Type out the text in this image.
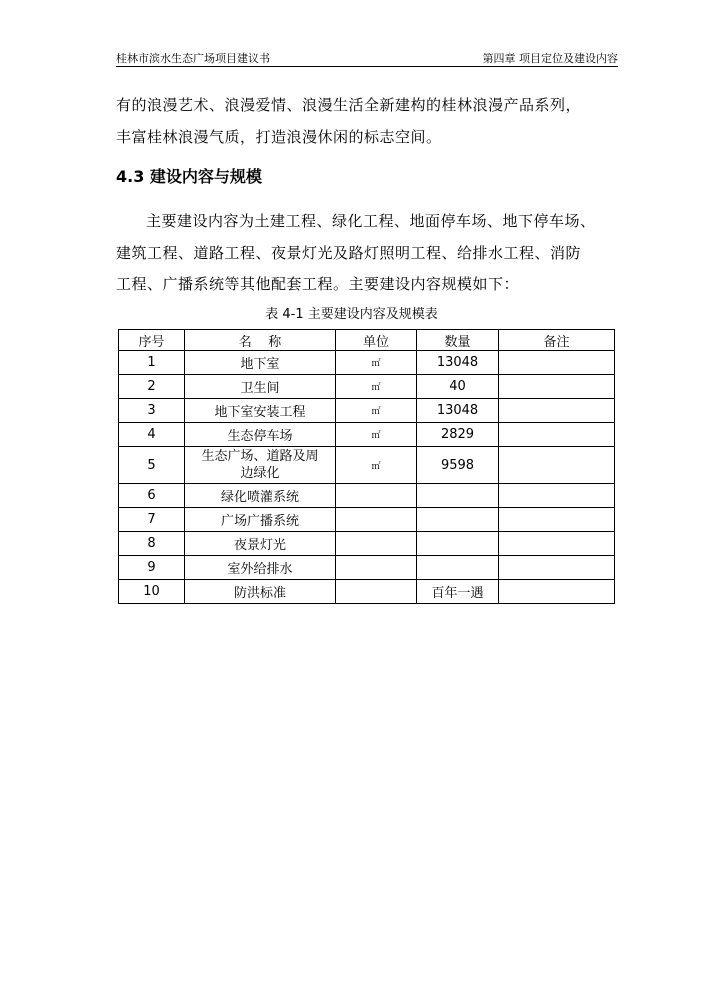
桂林市滨水生态广场项目建议书	第四章 项目定位及建设内容
有的浪漫艺术、浪漫爱情、浪漫生活全新建构的桂林浪漫产品系列，
丰富桂林浪漫气质，打造浪漫休闲的标志空间。
4.3 建设内容与规模
主要建设内容为土建工程、绿化工程、地面停车场、地下停车场、
建筑工程、道路工程、夜景灯光及路灯照明工程、给排水工程、消防
工程、广播系统等其他配套工程。主要建设内容规模如下：
表 4-1 主要建设内容及规模表
序号	名    称	单位	数量	备注
1	地下室	㎡	13048	
2	卫生间	㎡	40	
3	地下室安装工程	㎡	13048	
4	生态停车场	㎡	2829	
5	生态广场、道路及周
边绿化	㎡	9598	
6	绿化喷灌系统			
7	广场广播系统			
8	夜景灯光			
9	室外给排水			
10	防洪标准		百年一遇	
